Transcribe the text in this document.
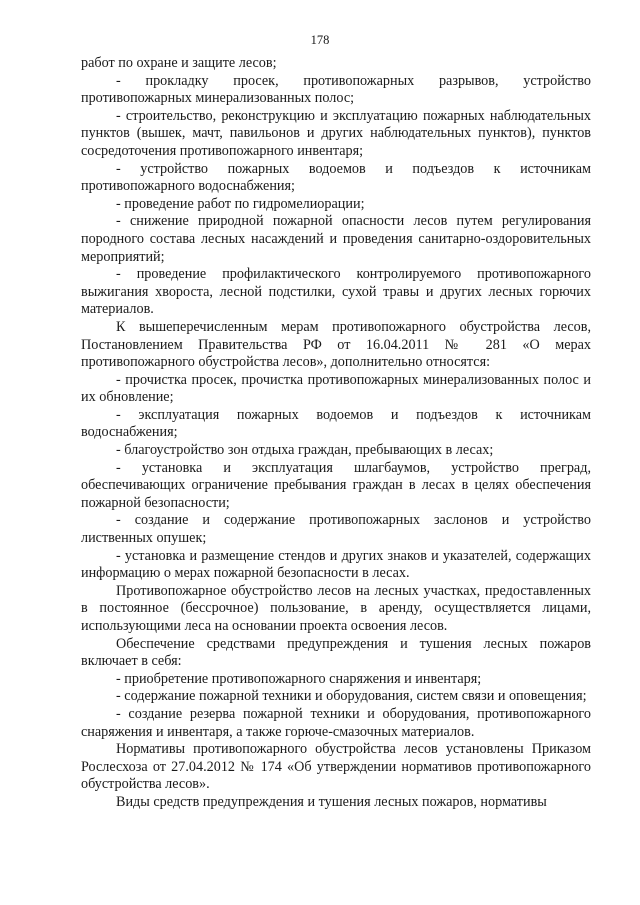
178

работ по охране и защите лесов;

- прокладку просек, противопожарных разрывов, устройство противопожарных минерализованных полос;

- строительство, реконструкцию и эксплуатацию пожарных наблюдательных пунктов (вышек, мачт, павильонов и других наблюдательных пунктов), пунктов сосредоточения противопожарного инвентаря;

- устройство пожарных водоемов и подъездов к источникам противопожарного водоснабжения;

- проведение работ по гидромелиорации;

- снижение природной пожарной опасности лесов путем регулирования породного состава лесных насаждений и проведения санитарно-оздоровительных мероприятий;

- проведение профилактического контролируемого противопожарного выжигания хвороста, лесной подстилки, сухой травы и других лесных горючих материалов.

К вышеперечисленным мерам противопожарного обустройства лесов, Постановлением Правительства РФ от 16.04.2011 № 281 «О мерах противопожарного обустройства лесов», дополнительно относятся:

- прочистка просек, прочистка противопожарных минерализованных полос и их обновление;

- эксплуатация пожарных водоемов и подъездов к источникам водоснабжения;

- благоустройство зон отдыха граждан, пребывающих в лесах;

- установка и эксплуатация шлагбаумов, устройство преград, обеспечивающих ограничение пребывания граждан в лесах в целях обеспечения пожарной безопасности;

- создание и содержание противопожарных заслонов и устройство лиственных опушек;

- установка и размещение стендов и других знаков и указателей, содержащих информацию о мерах пожарной безопасности в лесах.

Противопожарное обустройство лесов на лесных участках, предоставленных в постоянное (бессрочное) пользование, в аренду, осуществляется лицами, использующими леса на основании проекта освоения лесов.

Обеспечение средствами предупреждения и тушения лесных пожаров включает в себя:

- приобретение противопожарного снаряжения и инвентаря;

- содержание пожарной техники и оборудования, систем связи и оповещения;

- создание резерва пожарной техники и оборудования, противопожарного снаряжения и инвентаря, а также горюче-смазочных материалов.

Нормативы противопожарного обустройства лесов установлены Приказом Рослесхоза от 27.04.2012 № 174 «Об утверждении нормативов противопожарного обустройства лесов».

Виды средств предупреждения и тушения лесных пожаров, нормативы
